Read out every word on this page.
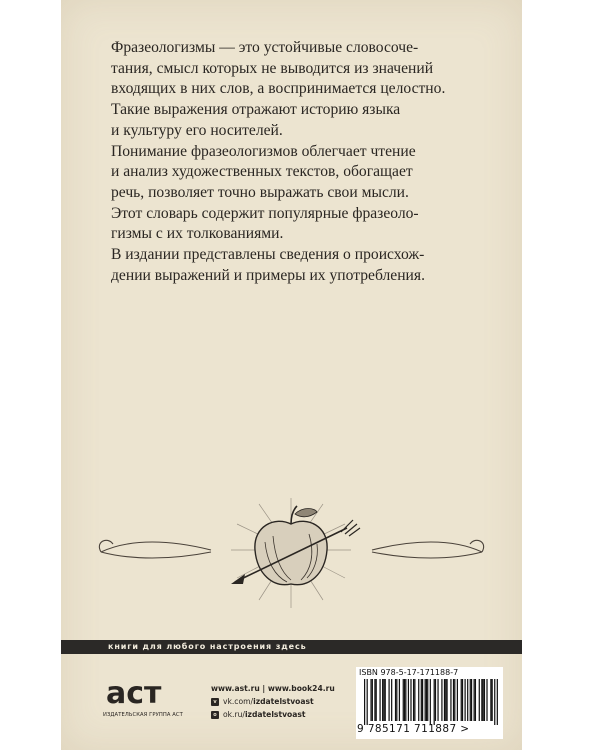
Фразеологизмы — это устойчивые словосоче-

тания, смысл которых не выводится из значений

входящих в них слов, а воспринимается целостно.

Такие выражения отражают историю языка

и культуру его носителей.

Понимание фразеологизмов облегчает чтение

и анализ художественных текстов, обогащает

речь, позволяет точно выражать свои мысли.

Этот словарь содержит популярные фразеоло-

гизмы с их толкованиями.

В издании представлены сведения о происхож-

дении выражений и примеры их употребления.

книги для любого настроения здесь
аст
ИЗДАТЕЛЬСКАЯ ГРУППА АСТ
www.ast.ru | www.book24.ru
v vk.com/izdatelstvoast
o ok.ru/izdatelstvoast
ISBN 978-5-17-171188-7
9 785171 711887 >
